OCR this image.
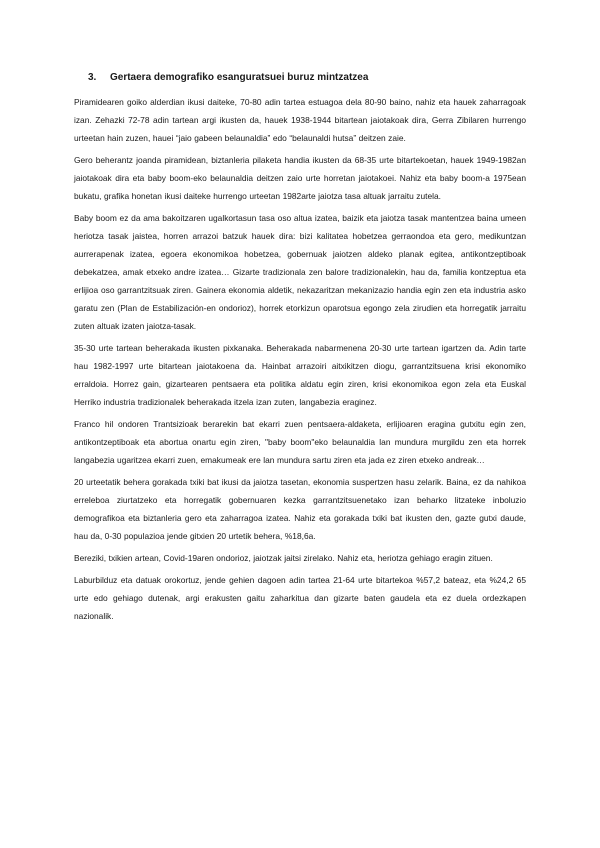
3. Gertaera demografiko esanguratsuei buruz mintzatzea

Piramidearen goiko alderdian ikusi daiteke, 70-80 adin tartea estuagoa dela 80-90 baino, nahiz eta hauek zaharragoak izan. Zehazki 72-78 adin tartean argi ikusten da, hauek 1938-1944 bitartean jaiotakoak dira, Gerra Zibilaren hurrengo urteetan hain zuzen, hauei “jaio gabeen belaunaldia” edo “belaunaldi hutsa” deitzen zaie.

Gero beherantz joanda piramidean, biztanleria pilaketa handia ikusten da 68-35 urte bitartekoetan, hauek 1949-1982an jaiotakoak dira eta baby boom-eko belaunaldia deitzen zaio urte horretan jaiotakoei. Nahiz eta baby boom-a 1975ean bukatu, grafika honetan ikusi daiteke hurrengo urteetan 1982arte jaiotza tasa altuak jarraitu zutela.

Baby boom ez da ama bakoitzaren ugalkortasun tasa oso altua izatea, baizik eta jaiotza tasak mantentzea baina umeen heriotza tasak jaistea, horren arrazoi batzuk hauek dira: bizi kalitatea hobetzea gerraondoa eta gero, medikuntzan aurrerapenak izatea, egoera ekonomikoa hobetzea, gobernuak jaiotzen aldeko planak egitea, antikontzeptiboak debekatzea, amak etxeko andre izatea… Gizarte tradizionala zen balore tradizionalekin, hau da, familia kontzeptua eta erlijioa oso garrantzitsuak ziren. Gainera ekonomia aldetik, nekazaritzan mekanizazio handia egin zen eta industria asko garatu zen (Plan de Estabilización-en ondorioz), horrek etorkizun oparotsua egongo zela zirudien eta horregatik jarraitu zuten altuak izaten jaiotza-tasak.

35-30 urte tartean beherakada ikusten pixkanaka. Beherakada nabarmenena 20-30 urte tartean igartzen da. Adin tarte hau 1982-1997 urte bitartean jaiotakoena da. Hainbat arrazoiri aitxikitzen diogu, garrantzitsuena krisi ekonomiko erraldoia. Horrez gain, gizartearen pentsaera eta politika aldatu egin ziren, krisi ekonomikoa egon zela eta Euskal Herriko industria tradizionalek beherakada itzela izan zuten, langabezia eraginez.

Franco hil ondoren Trantsizioak berarekin bat ekarri zuen pentsaera-aldaketa, erlijioaren eragina gutxitu egin zen, antikontzeptiboak eta abortua onartu egin ziren, "baby boom"eko belaunaldia lan mundura murgildu zen eta horrek langabezia ugaritzea ekarri zuen, emakumeak ere lan mundura sartu ziren eta jada ez ziren etxeko andreak…

20 urteetatik behera gorakada txiki bat ikusi da jaiotza tasetan, ekonomia suspertzen hasu zelarik. Baina, ez da nahikoa erreleboa ziurtatzeko eta horregatik gobernuaren kezka garrantzitsuenetako izan beharko litzateke inboluzio demografikoa eta biztanleria gero eta zaharragoa izatea. Nahiz eta gorakada txiki bat ikusten den, gazte gutxi daude, hau da, 0-30 populazioa jende gitxien 20 urtetik behera, %18,6a.

Bereziki, txikien artean, Covid-19aren ondorioz, jaiotzak jaitsi zirelako. Nahiz eta, heriotza gehiago eragin zituen.

Laburbilduz eta datuak orokortuz, jende gehien dagoen adin tartea 21-64 urte bitartekoa %57,2 bateaz, eta %24,2 65 urte edo gehiago dutenak, argi erakusten gaitu zaharkitua dan gizarte baten gaudela eta ez duela ordezkapen nazionalik.
